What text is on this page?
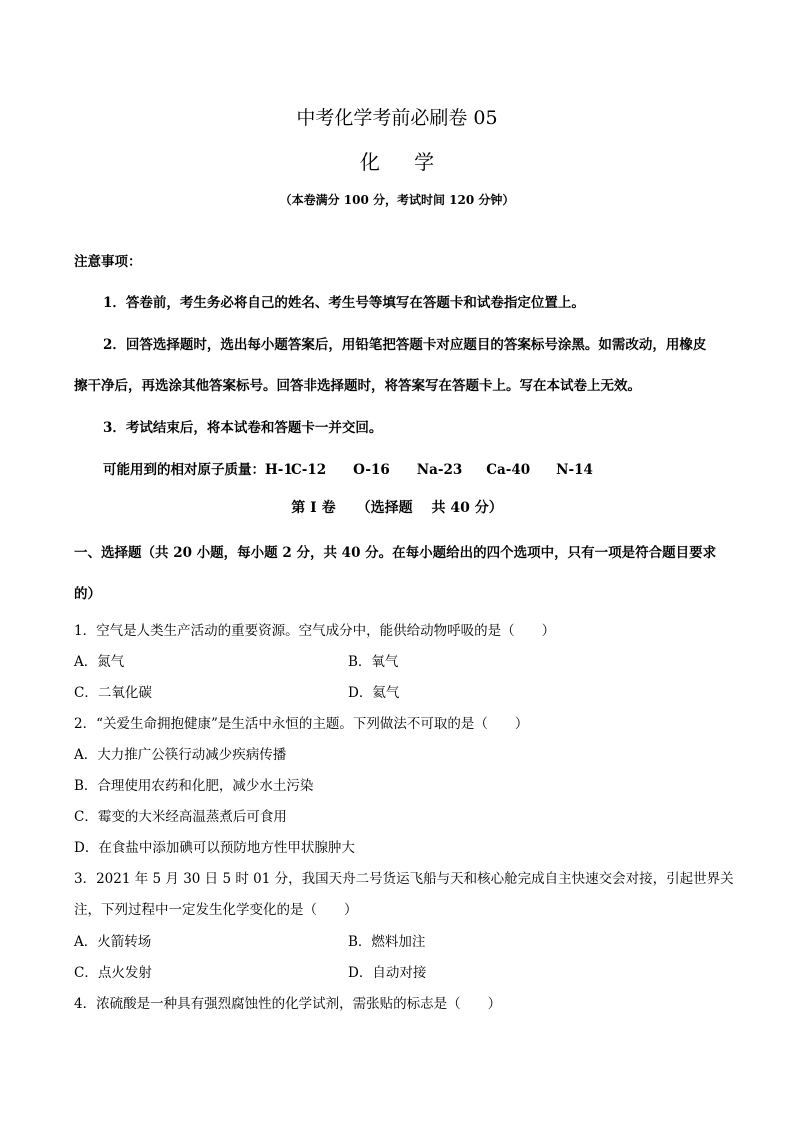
中考化学考前必刷卷 05
化 学
（本卷满分 100 分，考试时间 120 分钟）
注意事项：
1．答卷前，考生务必将自己的姓名、考生号等填写在答题卡和试卷指定位置上。
2．回答选择题时，选出每小题答案后，用铅笔把答题卡对应题目的答案标号涂黑。如需改动，用橡皮
擦干净后，再选涂其他答案标号。回答非选择题时，将答案写在答题卡上。写在本试卷上无效。
3．考试结束后，将本试卷和答题卡一并交回。
可能用到的相对原子质量：H-1C-12 O-16 Na-23 Ca-40 N-14
第 I 卷　　（选择题　 共 40 分）
一、选择题（共 20 小题，每小题 2 分，共 40 分。在每小题给出的四个选项中，只有一项是符合题目要求
的）
1．空气是人类生产活动的重要资源。空气成分中，能供给动物呼吸的是（　　）
A．氮气	B．氧气
C．二氧化碳	D．氦气
2．“关爱生命拥抱健康”是生活中永恒的主题。下列做法不可取的是（　　）
A．大力推广公筷行动减少疾病传播
B．合理使用农药和化肥，减少水土污染
C．霉变的大米经高温蒸煮后可食用
D．在食盐中添加碘可以预防地方性甲状腺肿大
3．2021 年 5 月 30 日 5 时 01 分，我国天舟二号货运飞船与天和核心舱完成自主快速交会对接，引起世界关
注，下列过程中一定发生化学变化的是（　　）
A．火箭转场	B．燃料加注
C．点火发射	D．自动对接
4．浓硫酸是一种具有强烈腐蚀性的化学试剂，需张贴的标志是（　　）
